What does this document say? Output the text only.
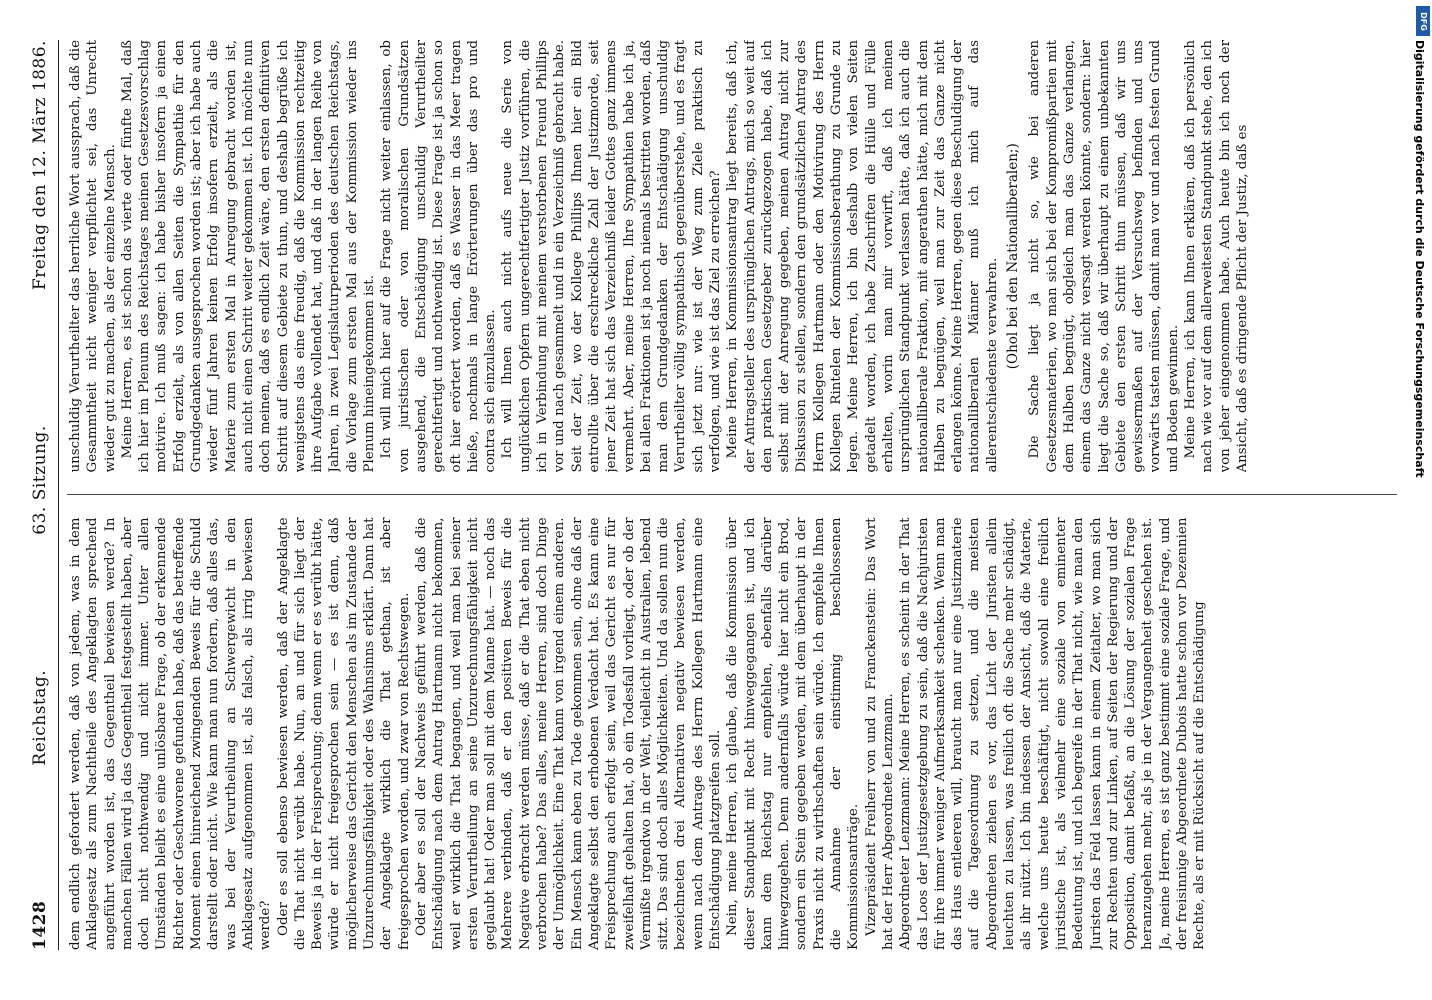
1428
Reichstag.
63. Sitzung.
Freitag den 12. März 1886.

dem endlich gefordert werden, daß von jedem, was in dem Anklagesatz als zum Nachtheile des Angeklagten sprechend angeführt worden ist, das Gegentheil bewiesen werde? In manchen Fällen wird ja das Gegentheil festgestellt haben, aber doch nicht nothwendig und nicht immer. Unter allen Umständen bleibt es eine unlösbare Frage, ob der erkennende Richter oder Geschworene gefunden habe, daß das betreffende Moment einen hinreichend zwingenden Beweis für die Schuld darstellt oder nicht. Wie kann man nun fordern, daß alles das, was bei der Verurtheilung an Schwergewicht in den Anklagesatz aufgenommen ist, als falsch, als irrig bewiesen werde? Oder es soll ebenso bewiesen werden, daß der Angeklagte die That nicht verübt habe. Nun, an und für sich liegt der Beweis ja in der Freisprechung; denn wenn er es verübt hätte, würde er nicht freigesprochen sein — es ist denn, daß möglicherweise das Gericht den Menschen als im Zustande der Unzurechnungsfähigkeit oder des Wahnsinns erklärt. Dann hat der Angeklagte wirklich die That gethan, ist aber freigesprochen worden, und zwar von Rechtswegen. Oder aber es soll der Nachweis geführt werden, daß die Entschädigung nach dem Antrag Hartmann nicht bekommen, weil er wirklich die That begangen, und weil man bei seiner ersten Verurtheilung an seine Unzurechnungsfähigkeit nicht geglaubt hat! Oder man soll mit dem Manne hat. — noch das Mehrere verbinden, daß er den positiven Beweis für die Negative erbracht werden müsse, daß er die That eben nicht verbrochen habe? Das alles, meine Herren, sind doch Dinge der Unmöglichkeit. Eine That kann von irgend einem anderen. Ein Mensch kann eben zu Tode gekommen sein, ohne daß der Angeklagte selbst den erhobenen Verdacht hat. Es kann eine Freisprechung auch erfolgt sein, weil das Gericht es nur für zweifelhaft gehalten hat, ob ein Todesfall vorliegt, oder ob der Vermißte irgendwo in der Welt, vielleicht in Australien, lebend sitzt. Das sind doch alles Möglichkeiten. Und da sollen nun die bezeichneten drei Alternativen negativ bewiesen werden, wenn nach dem Antrage des Herrn Kollegen Hartmann eine Entschädigung platzgreifen soll. Nein, meine Herren, ich glaube, daß die Kommission über dieser Standpunkt mit Recht hinweggegangen ist, und ich kann dem Reichstag nur empfehlen, ebenfalls darüber hinwegzugehen. Denn andernfalls würde hier nicht ein Brod, sondern ein Stein gegeben werden, mit dem überhaupt in der Praxis nicht zu wirthschaften sein würde. Ich empfehle Ihnen die Annahme der einstimmig beschlossenen Kommissionsanträge. Vizepräsident Freiherr von und zu Franckenstein: Das Wort hat der Herr Abgeordnete Lenzmann. Abgeordneter Lenzmann: Meine Herren, es scheint in der That das Loos der Justizgesetzgebung zu sein, daß die Nachjuristen für ihre immer weniger Aufmerksamkeit schenken. Wenn man das Haus entleeren will, braucht man nur eine Justizmaterie auf die Tagesordnung zu setzen, und die meisten Abgeordneten ziehen es vor, das Licht der Juristen allein leuchten zu lassen, was freilich oft die Sache mehr schädigt, als ihr nützt. Ich bin indessen der Ansicht, daß die Materie, welche uns heute beschäftigt, nicht sowohl eine freilich juristische ist, als vielmehr eine soziale von eminenter Bedeutung ist, und ich begreife in der That nicht, wie man den Juristen das Feld lassen kann in einem Zeitalter, wo man sich zur Rechten und zur Linken, auf Seiten der Regierung und der Opposition, damit befaßt, an die Lösung der sozialen Frage heranzugehen mehr, als je in der Vergangenheit geschehen ist. Ja, meine Herren, es ist ganz bestimmt eine soziale Frage, und der freisinnige Abgeordnete Dubois hatte schon vor Dezennien Rechte, als er mit Rücksicht auf die Entschädigung

unschuldig Verurtheilter das herrliche Wort aussprach, daß die Gesammtheit nicht weniger verpflichtet sei, das Unrecht wieder gut zu machen, als der einzelne Mensch. Meine Herren, es ist schon das vierte oder fünfte Mal, daß ich hier im Plenum des Reichstages meinen Gesetzesvorschlag motivire. Ich muß sagen: ich habe bisher insofern ja einen Erfolg erzielt, als von allen Seiten die Sympathie für den Grundgedanken ausgesprochen worden ist; aber ich habe auch wieder fünf Jahren keinen Erfolg insofern erzielt, als die Materie zum ersten Mal in Anregung gebracht worden ist, auch nicht einen Schritt weiter gekommen ist. Ich möchte nun doch meinen, daß es endlich Zeit wäre, den ersten definitiven Schritt auf diesem Gebiete zu thun, und deshalb begrüße ich wenigstens das eine freudig, daß die Kommission rechtzeitig ihre Aufgabe vollendet hat, und daß in der langen Reihe von Jahren, in zwei Legislaturperioden des deutschen Reichstags, die Vorlage zum ersten Mal aus der Kommission wieder ins Plenum hineingekommen ist. Ich will mich hier auf die Frage nicht weiter einlassen, ob von juristischen oder von moralischen Grundsätzen ausgehend, die Entschädigung unschuldig Verurtheilter gerechtfertigt und nothwendig ist. Diese Frage ist ja schon so oft hier erörtert worden, daß es Wasser in das Meer tragen hieße, nochmals in lange Erörterungen über das pro und contra sich einzulassen. Ich will Ihnen auch nicht aufs neue die Serie von unglücklichen Opfern ungerechtfertigter Justiz vorführen, die ich in Verbindung mit meinem verstorbenen Freund Phillips vor und nach gesammelt und in ein Verzeichniß gebracht habe. Seit der Zeit, wo der Kollege Phillips Ihnen hier ein Bild entrollte über die erschreckliche Zahl der Justizmorde, seit jener Zeit hat sich das Verzeichniß leider Gottes ganz immens vermehrt. Aber, meine Herren, Ihre Sympathien habe ich ja, bei allen Fraktionen ist ja noch niemals bestritten worden, daß man dem Grundgedanken der Entschädigung unschuldig Verurtheilter völlig sympathisch gegenüberstehe, und es fragt sich jetzt nur: wie ist der Weg zum Ziele praktisch zu verfolgen, und wie ist das Ziel zu erreichen? Meine Herren, in Kommissionsantrag liegt bereits, daß ich, der Antragsteller des ursprünglichen Antrags, mich so weit auf den praktischen Gesetzgeber zurückgezogen habe, daß ich selbst mit der Anregung gegeben, meinen Antrag nicht zur Diskussion zu stellen, sondern den grundsätzlichen Antrag des Herrn Kollegen Hartmann oder den Motivirung des Herrn Kollegen Rintelen der Kommissionsberathung zu Grunde zu legen. Meine Herren, ich bin deshalb von vielen Seiten getadelt worden, ich habe Zuschriften die Hülle und Fülle erhalten, worin man mir vorwirft, daß ich meinen ursprünglichen Standpunkt verlassen hätte, daß ich auch die nationalliberale Fraktion, mit angerathen hätte, mich mit dem Halben zu begnügen, weil man zur Zeit das Ganze nicht erlangen könne. Meine Herren, gegen diese Beschuldigung der nationalliberalen Männer muß ich mich auf das allerentschiedenste verwahren. (Ohol bei den Nationalliberalen;) Die Sache liegt ja nicht so, wie bei anderen Gesetzesmaterien, wo man sich bei der Kompromißpartien mit dem Halben begnügt, obgleich man das Ganze verlangen, einem das Ganze nicht versagt werden könnte, sondern: hier liegt die Sache so, daß wir überhaupt zu einem unbekannten Gebiete den ersten Schritt thun müssen, daß wir uns gewissermaßen auf der Versuchsweg befinden und uns vorwärts tasten müssen, damit man vor und nach festen Grund und Boden gewinnen. Meine Herren, ich kann Ihnen erklären, daß ich persönlich nach wie vor auf dem allerweitesten Standpunkt stehe, den ich von jeher eingenommen habe. Auch heute bin ich noch der Ansicht, daß es dringende Pflicht der Justiz, daß es	Digitalisierung gefördert durch die Deutsche Forschungsgemeinschaft
DFG
